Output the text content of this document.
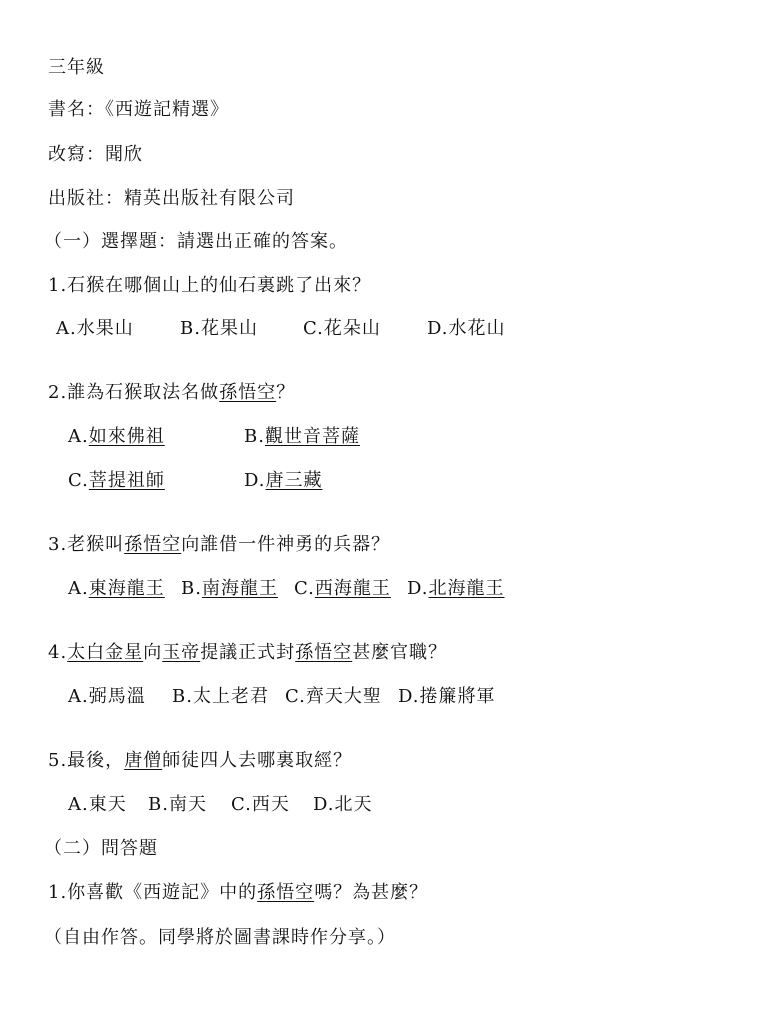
三年級
書名：《西遊記精選》
改寫：聞欣
出版社：精英出版社有限公司
（一）選擇題：請選出正確的答案。
1.石猴在哪個山上的仙石裏跳了出來？
A.水果山	B.花果山	C.花朵山	D.水花山
2.誰為石猴取法名做孫悟空？
A.如來佛祖	B.觀世音菩薩
C.菩提祖師	D.唐三藏
3.老猴叫孫悟空向誰借一件神勇的兵器？
A.東海龍王 B.南海龍王 C.西海龍王 D.北海龍王
4.太白金星向玉帝提議正式封孫悟空甚麼官職？
A.弼馬溫 B.太上老君 C.齊天大聖 D.捲簾將軍
5.最後，唐僧師徒四人去哪裏取經？
A.東天 B.南天 C.西天 D.北天
（二）問答題
1.你喜歡《西遊記》中的孫悟空嗎？為甚麼？
（自由作答。同學將於圖書課時作分享。）
